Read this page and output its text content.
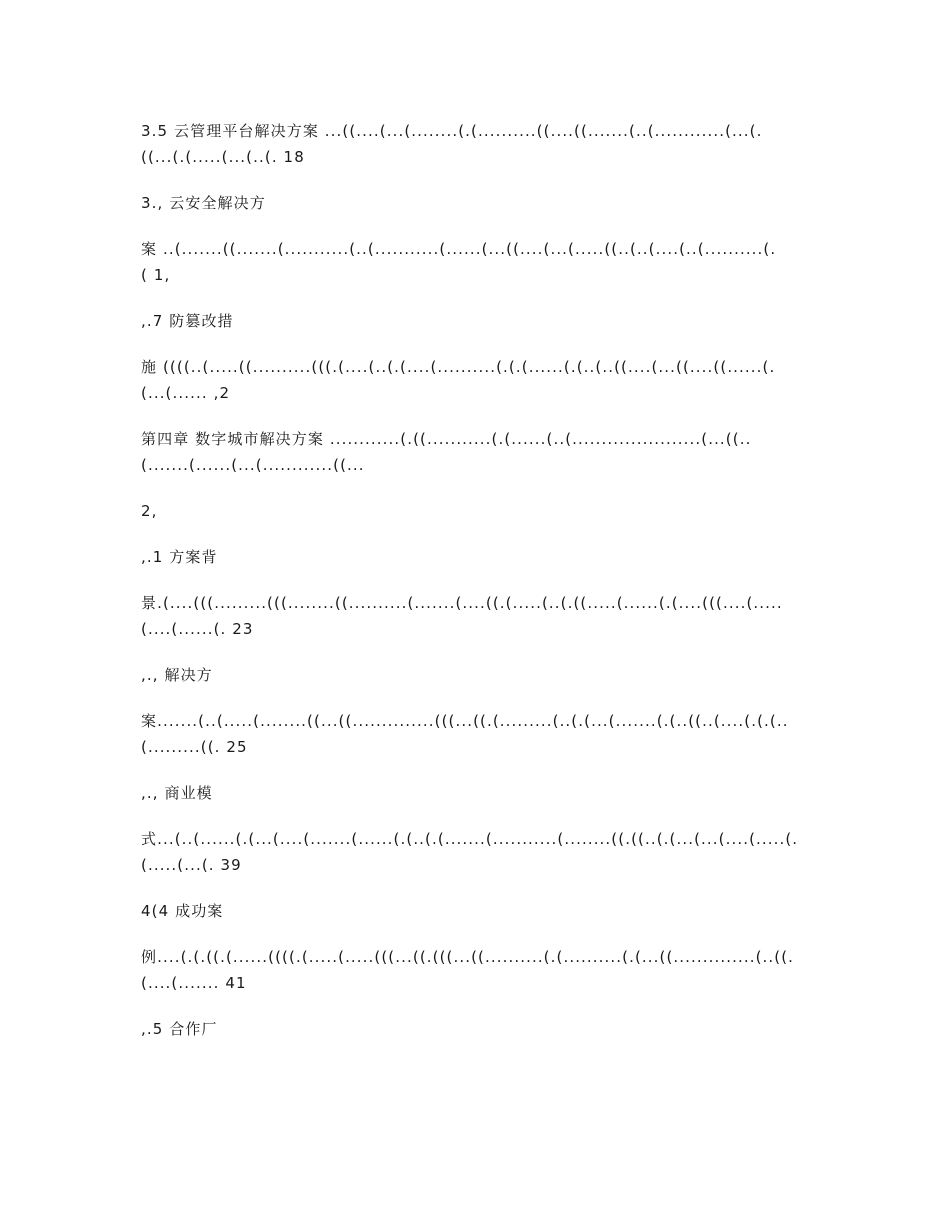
3.5 云管理平台解决方案 ...((....(...(........(.(..........((....((.......(..(............(...(.

((...(.(.....(...(..(. 18

3., 云安全解决方

案 ..(.......((.......(...........(..(...........(......(...((....(...(.....((..(..(....(..(..........(.

( 1,

,.7 防篡改措

施 ((((..(.....((..........(((.(....(..(.(....(..........(.(.(......(.(..(..((....(...((....((......(.

(...(...... ,2

第四章 数字城市解决方案 ............(.((...........(.(......(..(......................(...((..

(.......(......(...(............((...

2,

,.1 方案背

景.(....(((.........(((........((..........(.......(....((.(.....(..(.((.....(......(.(....(((....(.....

(....(......(. 23

,., 解决方

案.......(..(.....(........((...((..............(((...((.(.........(..(.(...(.......(.(..((..(....(.(.(..

(.........((. 25

,., 商业模

式...(..(......(.(...(....(.......(......(.(..(.(.......(...........(........((.((..(.(...(...(....(.....(.

(.....(...(. 39

4(4 成功案

例....(.(.((.(......((((.(.....(.....(((...((.(((...((..........(.(..........(.(...((..............(..((.

(....(....... 41

,.5 合作厂
